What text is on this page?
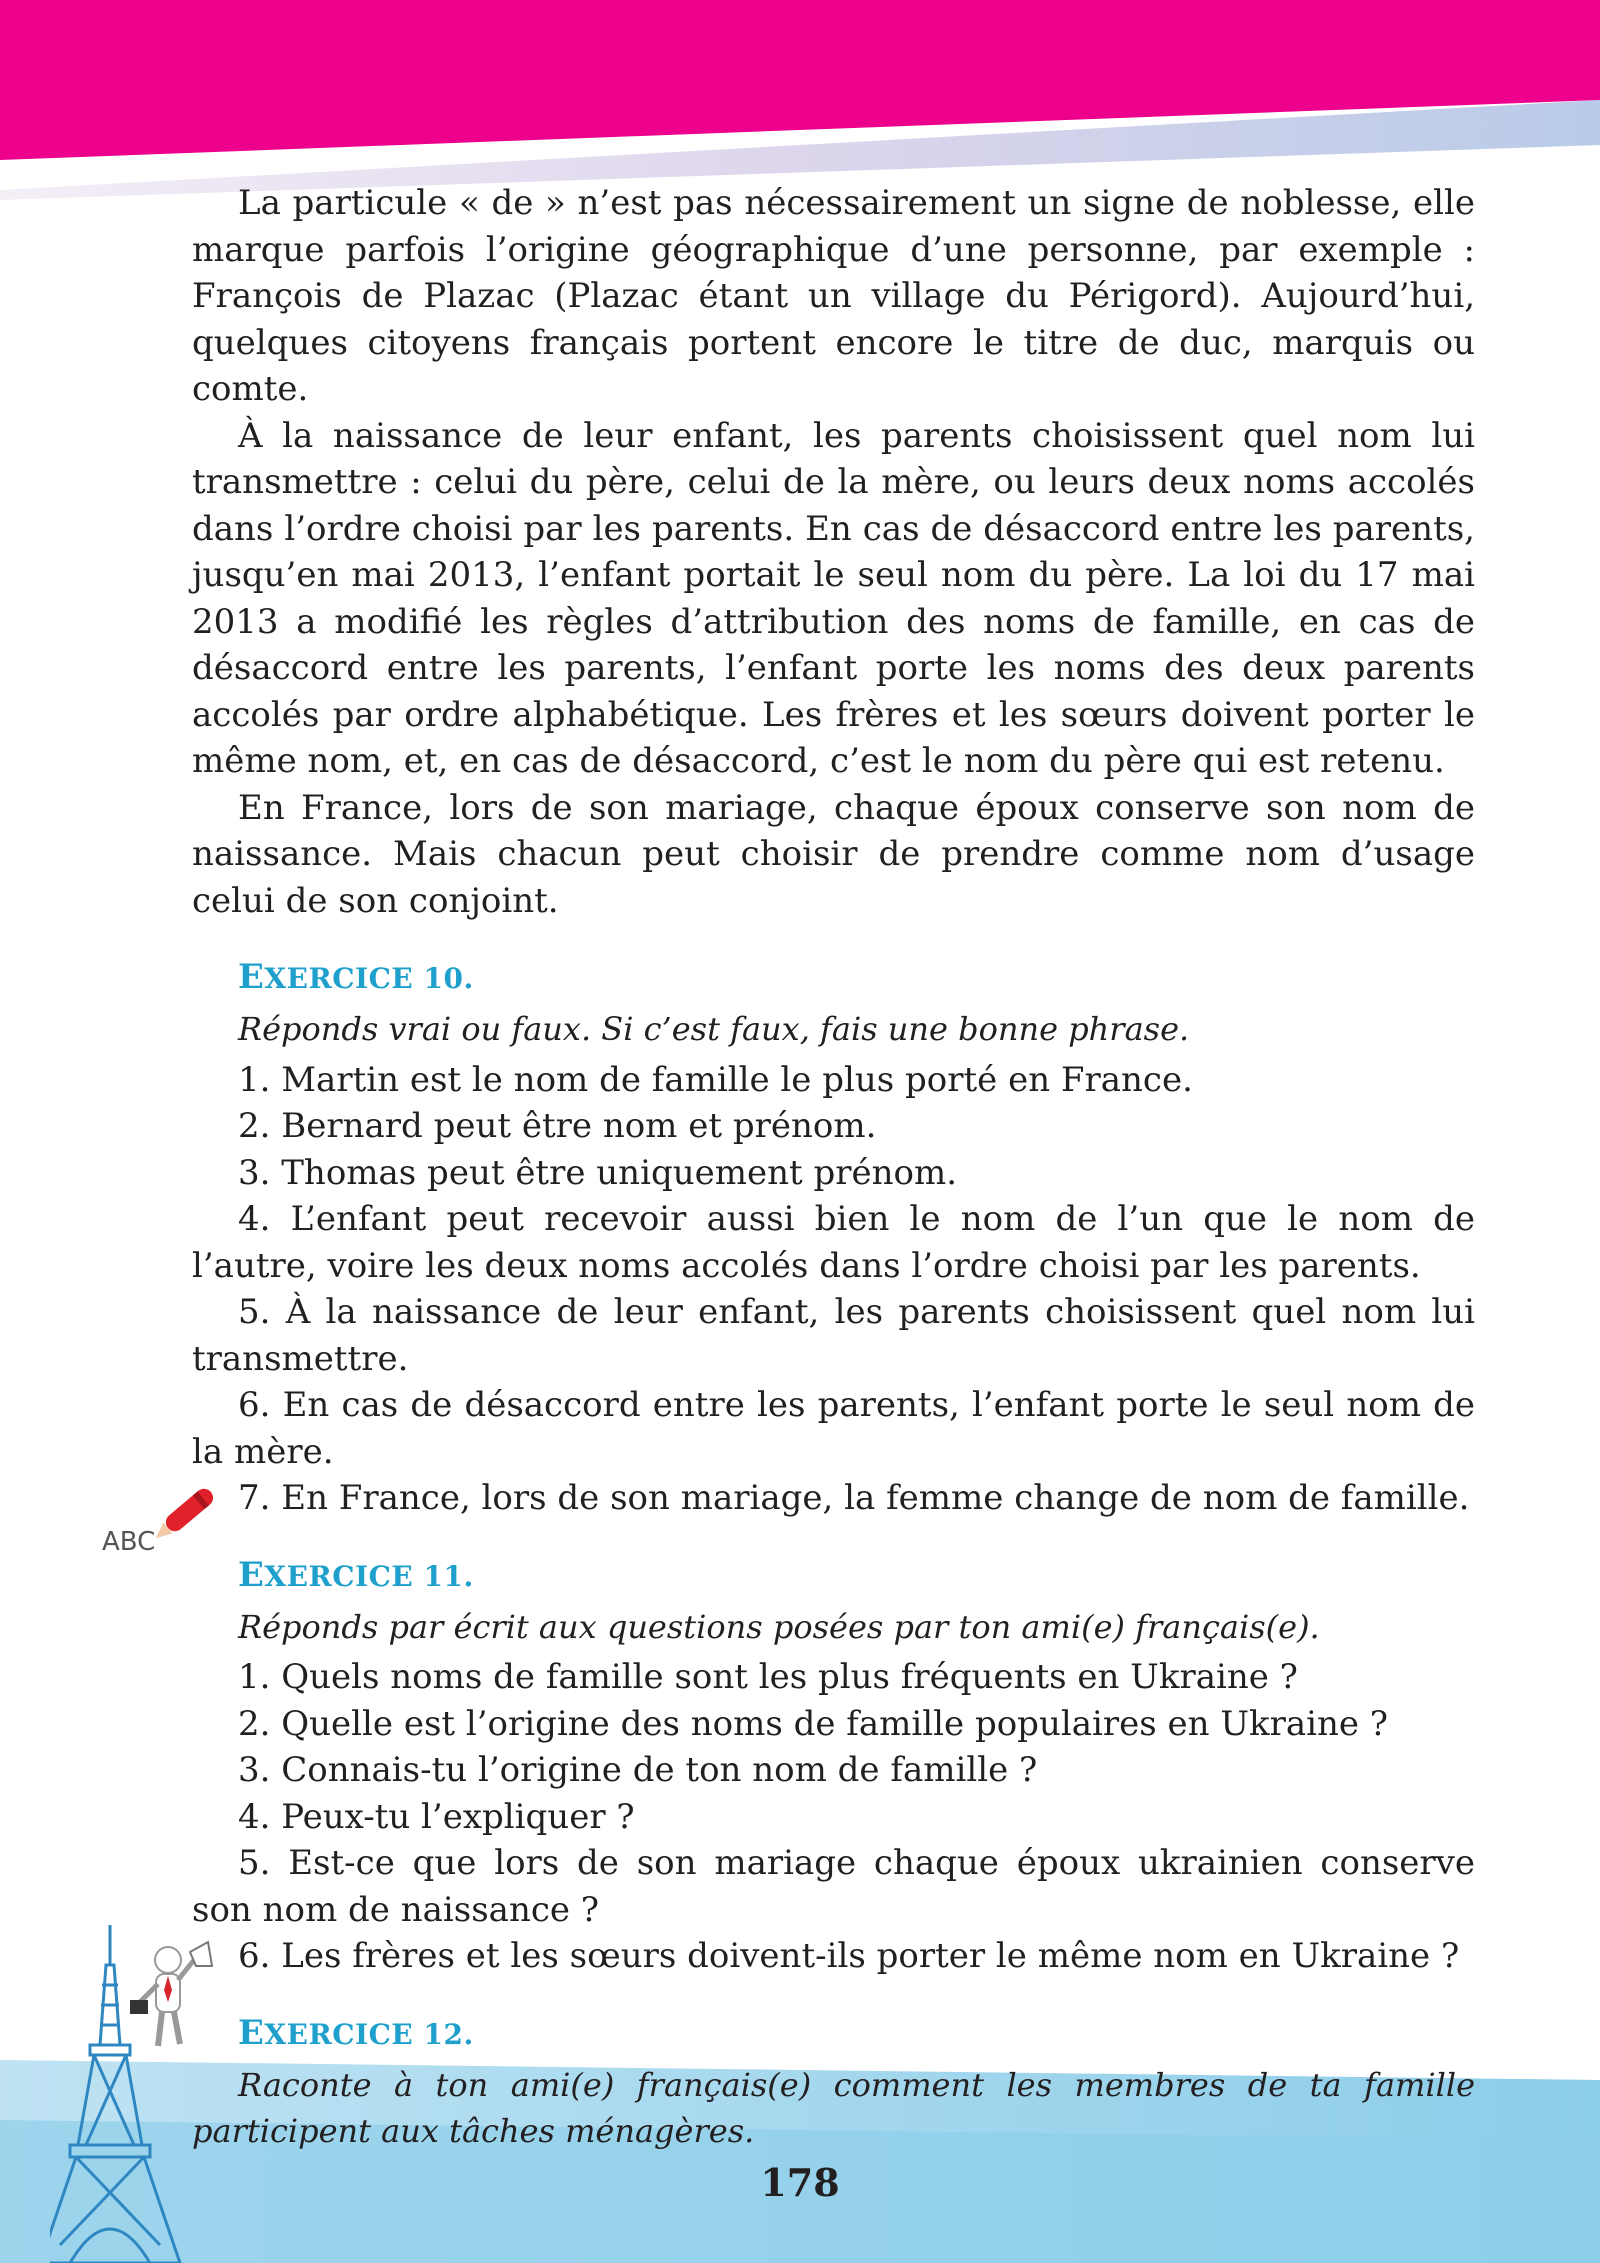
La particule « de » n’est pas nécessairement un signe de noblesse, elle marque parfois l’origine géographique d’une personne, par exemple : François de Plazac (Plazac étant un village du Périgord). Aujourd’hui, quelques citoyens français portent encore le titre de duc, marquis ou comte.

À la naissance de leur enfant, les parents choisissent quel nom lui transmettre : celui du père, celui de la mère, ou leurs deux noms accolés dans l’ordre choisi par les parents. En cas de désaccord entre les parents, jusqu’en mai 2013, l’enfant portait le seul nom du père. La loi du 17 mai 2013 a modifié les règles d’attribution des noms de famille, en cas de désaccord entre les parents, l’enfant porte les noms des deux parents accolés par ordre alphabétique. Les frères et les sœurs doivent porter le même nom, et, en cas de désaccord, c’est le nom du père qui est retenu.

En France, lors de son mariage, chaque époux conserve son nom de naissance. Mais chacun peut choisir de prendre comme nom d’usage celui de son conjoint.

EXERCICE 10.

Réponds vrai ou faux. Si c’est faux, fais une bonne phrase.

1. Martin est le nom de famille le plus porté en France.

2. Bernard peut être nom et prénom.

3. Thomas peut être uniquement prénom.

4. L’enfant peut recevoir aussi bien le nom de l’un que le nom de l’autre, voire les deux noms accolés dans l’ordre choisi par les parents.

5. À la naissance de leur enfant, les parents choisissent quel nom lui transmettre.

6. En cas de désaccord entre les parents, l’enfant porte le seul nom de la mère.

7. En France, lors de son mariage, la femme change de nom de famille.

EXERCICE 11.

Réponds par écrit aux questions posées par ton ami(e) français(e).

1. Quels noms de famille sont les plus fréquents en Ukraine ?

2. Quelle est l’origine des noms de famille populaires en Ukraine ?

3. Connais-tu l’origine de ton nom de famille ?

4. Peux-tu l’expliquer ?

5. Est-ce que lors de son mariage chaque époux ukrainien conserve son nom de naissance ?

6. Les frères et les sœurs doivent-ils porter le même nom en Ukraine ?

EXERCICE 12.

Raconte à ton ami(e) français(e) comment les membres de ta famille participent aux tâches ménagères.

ABC
178
